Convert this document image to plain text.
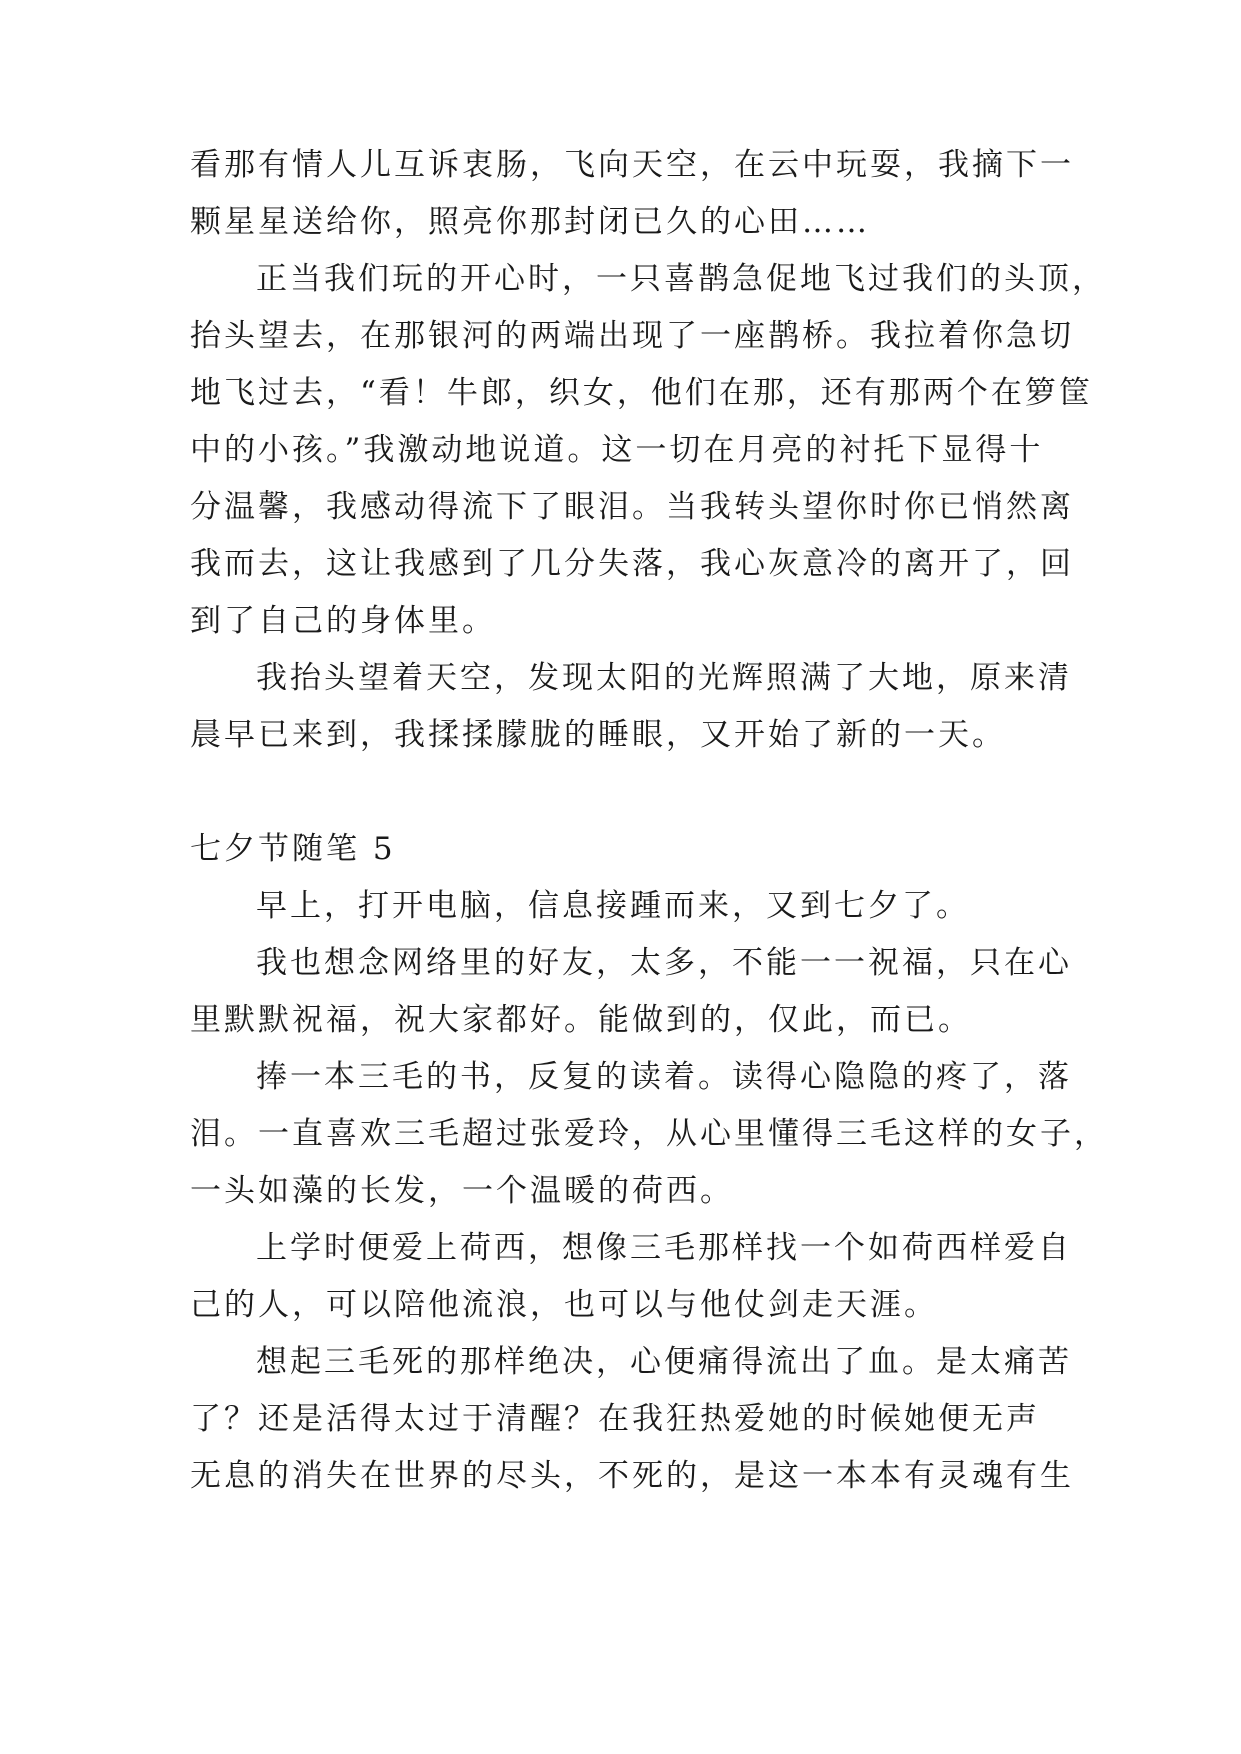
看那有情人儿互诉衷肠，飞向天空，在云中玩耍，我摘下一
颗星星送给你，照亮你那封闭已久的心田……
正当我们玩的开心时，一只喜鹊急促地飞过我们的头顶，
抬头望去，在那银河的两端出现了一座鹊桥。我拉着你急切
地飞过去，“看！牛郎，织女，他们在那，还有那两个在箩筐
中的小孩。”我激动地说道。这一切在月亮的衬托下显得十
分温馨，我感动得流下了眼泪。当我转头望你时你已悄然离
我而去，这让我感到了几分失落，我心灰意冷的离开了，回
到了自己的身体里。
我抬头望着天空，发现太阳的光辉照满了大地，原来清
晨早已来到，我揉揉朦胧的睡眼，又开始了新的一天。
七夕节随笔 5
早上，打开电脑，信息接踵而来，又到七夕了。
我也想念网络里的好友，太多，不能一一祝福，只在心
里默默祝福，祝大家都好。能做到的，仅此，而已。
捧一本三毛的书，反复的读着。读得心隐隐的疼了，落
泪。一直喜欢三毛超过张爱玲，从心里懂得三毛这样的女子，
一头如藻的长发，一个温暖的荷西。
上学时便爱上荷西，想像三毛那样找一个如荷西样爱自
己的人，可以陪他流浪，也可以与他仗剑走天涯。
想起三毛死的那样绝决，心便痛得流出了血。是太痛苦
了？还是活得太过于清醒？在我狂热爱她的时候她便无声
无息的消失在世界的尽头，不死的，是这一本本有灵魂有生
